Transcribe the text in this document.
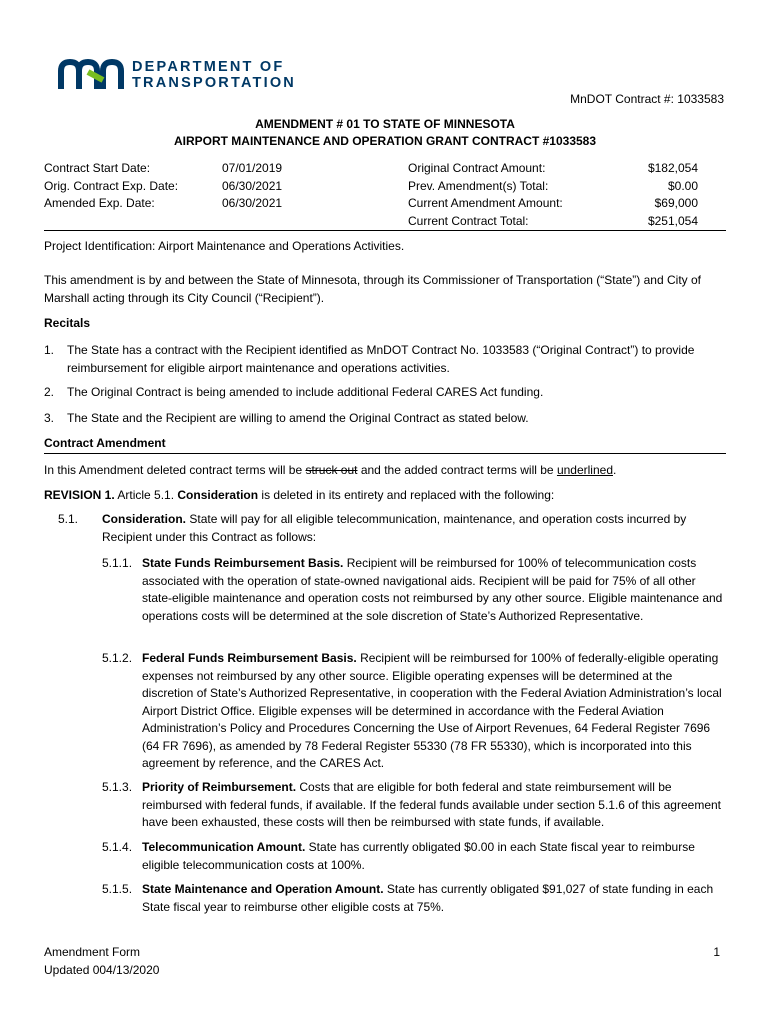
DEPARTMENT OF
TRANSPORTATION
MnDOT Contract #: 1033583
AMENDMENT # 01 TO STATE OF MINNESOTA
AIRPORT MAINTENANCE AND OPERATION GRANT CONTRACT #1033583
Contract Start Date:
Orig. Contract Exp. Date:
Amended Exp. Date:
07/01/2019
06/30/2021
06/30/2021
Original Contract Amount:
Prev. Amendment(s) Total:
Current Amendment Amount:
Current Contract Total:
$182,054
$0.00
$69,000
$251,054
Project Identification: Airport Maintenance and Operations Activities.
This amendment is by and between the State of Minnesota, through its Commissioner of Transportation (“State”) and City of Marshall acting through its City Council (“Recipient”).
Recitals
1. The State has a contract with the Recipient identified as MnDOT Contract No. 1033583 (“Original Contract”) to provide reimbursement for eligible airport maintenance and operations activities.
2. The Original Contract is being amended to include additional Federal CARES Act funding.
3. The State and the Recipient are willing to amend the Original Contract as stated below.
Contract Amendment
In this Amendment deleted contract terms will be struck out and the added contract terms will be underlined.
REVISION 1. Article 5.1. Consideration is deleted in its entirety and replaced with the following:
5.1. Consideration. State will pay for all eligible telecommunication, maintenance, and operation costs incurred by Recipient under this Contract as follows:
5.1.1. State Funds Reimbursement Basis. Recipient will be reimbursed for 100% of telecommunication costs associated with the operation of state-owned navigational aids. Recipient will be paid for 75% of all other state-eligible maintenance and operation costs not reimbursed by any other source. Eligible maintenance and operations costs will be determined at the sole discretion of State’s Authorized Representative.
5.1.2. Federal Funds Reimbursement Basis. Recipient will be reimbursed for 100% of federally-eligible operating expenses not reimbursed by any other source. Eligible operating expenses will be determined at the discretion of State’s Authorized Representative, in cooperation with the Federal Aviation Administration’s local Airport District Office. Eligible expenses will be determined in accordance with the Federal Aviation Administration’s Policy and Procedures Concerning the Use of Airport Revenues, 64 Federal Register 7696 (64 FR 7696), as amended by 78 Federal Register 55330 (78 FR 55330), which is incorporated into this agreement by reference, and the CARES Act.
5.1.3. Priority of Reimbursement. Costs that are eligible for both federal and state reimbursement will be reimbursed with federal funds, if available. If the federal funds available under section 5.1.6 of this agreement have been exhausted, these costs will then be reimbursed with state funds, if available.
5.1.4. Telecommunication Amount. State has currently obligated $0.00 in each State fiscal year to reimburse eligible telecommunication costs at 100%.
5.1.5. State Maintenance and Operation Amount. State has currently obligated $91,027 of state funding in each State fiscal year to reimburse other eligible costs at 75%.
Amendment Form
Updated 004/13/2020
1
